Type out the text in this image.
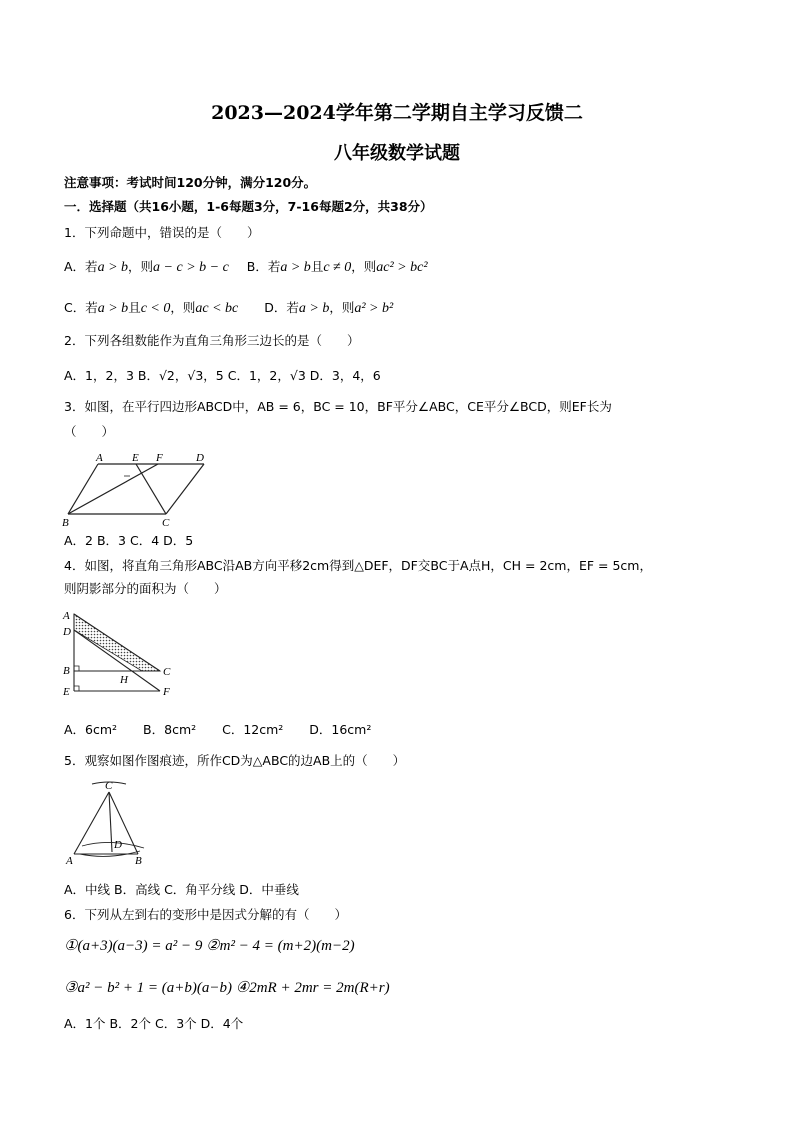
2023—2024学年第二学期自主学习反馈二
八年级数学试题
注意事项：考试时间120分钟，满分120分。
一．选择题（共16小题，1-6每题3分，7-16每题2分，共38分）
1．下列命题中，错误的是（　　）
A．若a > b，则a − c > b − c B．若a > b且c ≠ 0，则ac² > bc²
C．若a > b且c < 0，则ac < bc D．若a > b，则a² > b²
2．下列各组数能作为直角三角形三边长的是（　　）
A．1，2，3 B．√2，√3，5 C．1，2，√3 D．3，4，6
3．如图，在平行四边形ABCD中，AB = 6，BC = 10，BF平分∠ABC，CE平分∠BCD，则EF长为
（　　）
A	E F	D
B	C
A．2 B．3 C．4 D．5
4．如图，将直角三角形ABC沿AB方向平移2cm得到△DEF，DF交BC于A点H，CH = 2cm，EF = 5cm，
则阴影部分的面积为（　　）
A
D
B
E
H
C
F
A．6cm² B．8cm² C．12cm² D．16cm²
5．观察如图作图痕迹，所作CD为△ABC的边AB上的（　　）
C
D
A	B
A．中线 B．高线 C．角平分线 D．中垂线
6．下列从左到右的变形中是因式分解的有（　　）
①(a+3)(a−3) = a² − 9 ②m² − 4 = (m+2)(m−2)
③a² − b² + 1 = (a+b)(a−b) ④2mR + 2mr = 2m(R+r)
A．1个 B．2个 C．3个 D．4个
